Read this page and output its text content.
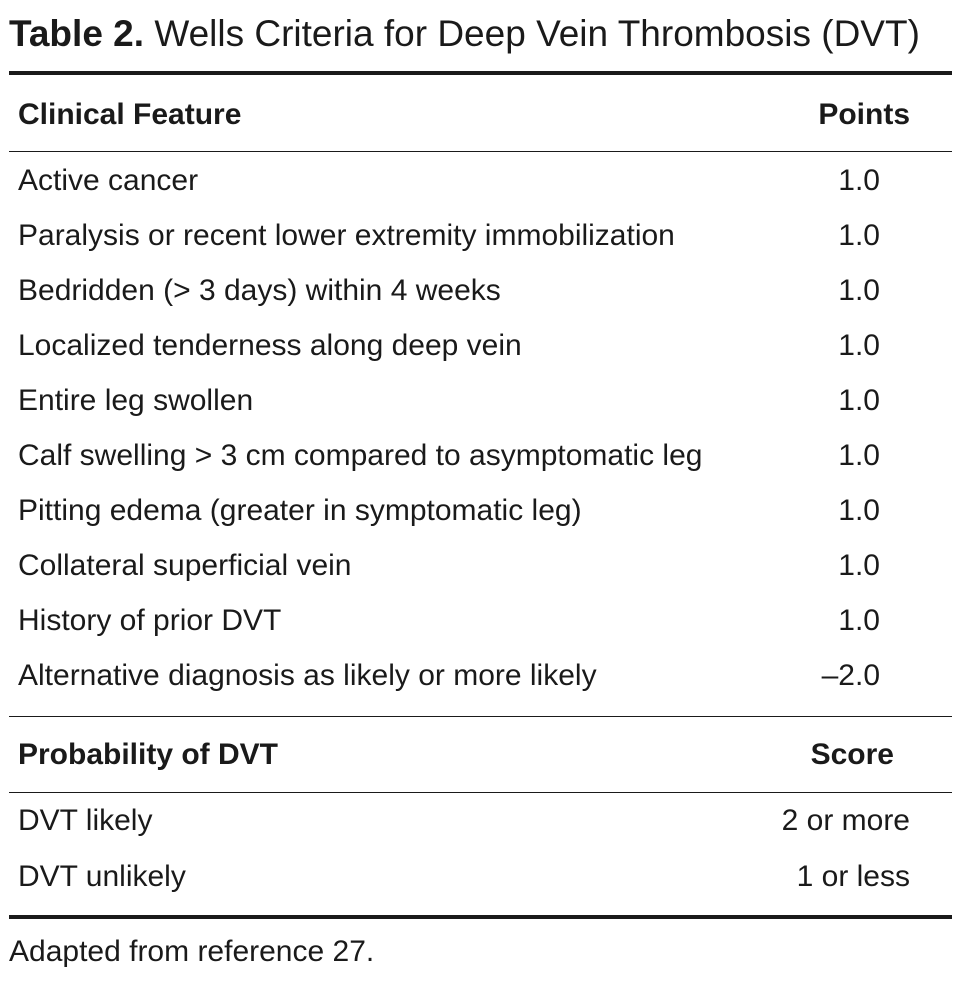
Table 2. Wells Criteria for Deep Vein Thrombosis (DVT)
Clinical Feature	Points
Active cancer	1.0
Paralysis or recent lower extremity immobilization	1.0
Bedridden (> 3 days) within 4 weeks	1.0
Localized tenderness along deep vein	1.0
Entire leg swollen	1.0
Calf swelling > 3 cm compared to asymptomatic leg	1.0
Pitting edema (greater in symptomatic leg)	1.0
Collateral superficial vein	1.0
History of prior DVT	1.0
Alternative diagnosis as likely or more likely	–2.0
Probability of DVT	Score
DVT likely	2 or more
DVT unlikely	1 or less
Adapted from reference 27.
